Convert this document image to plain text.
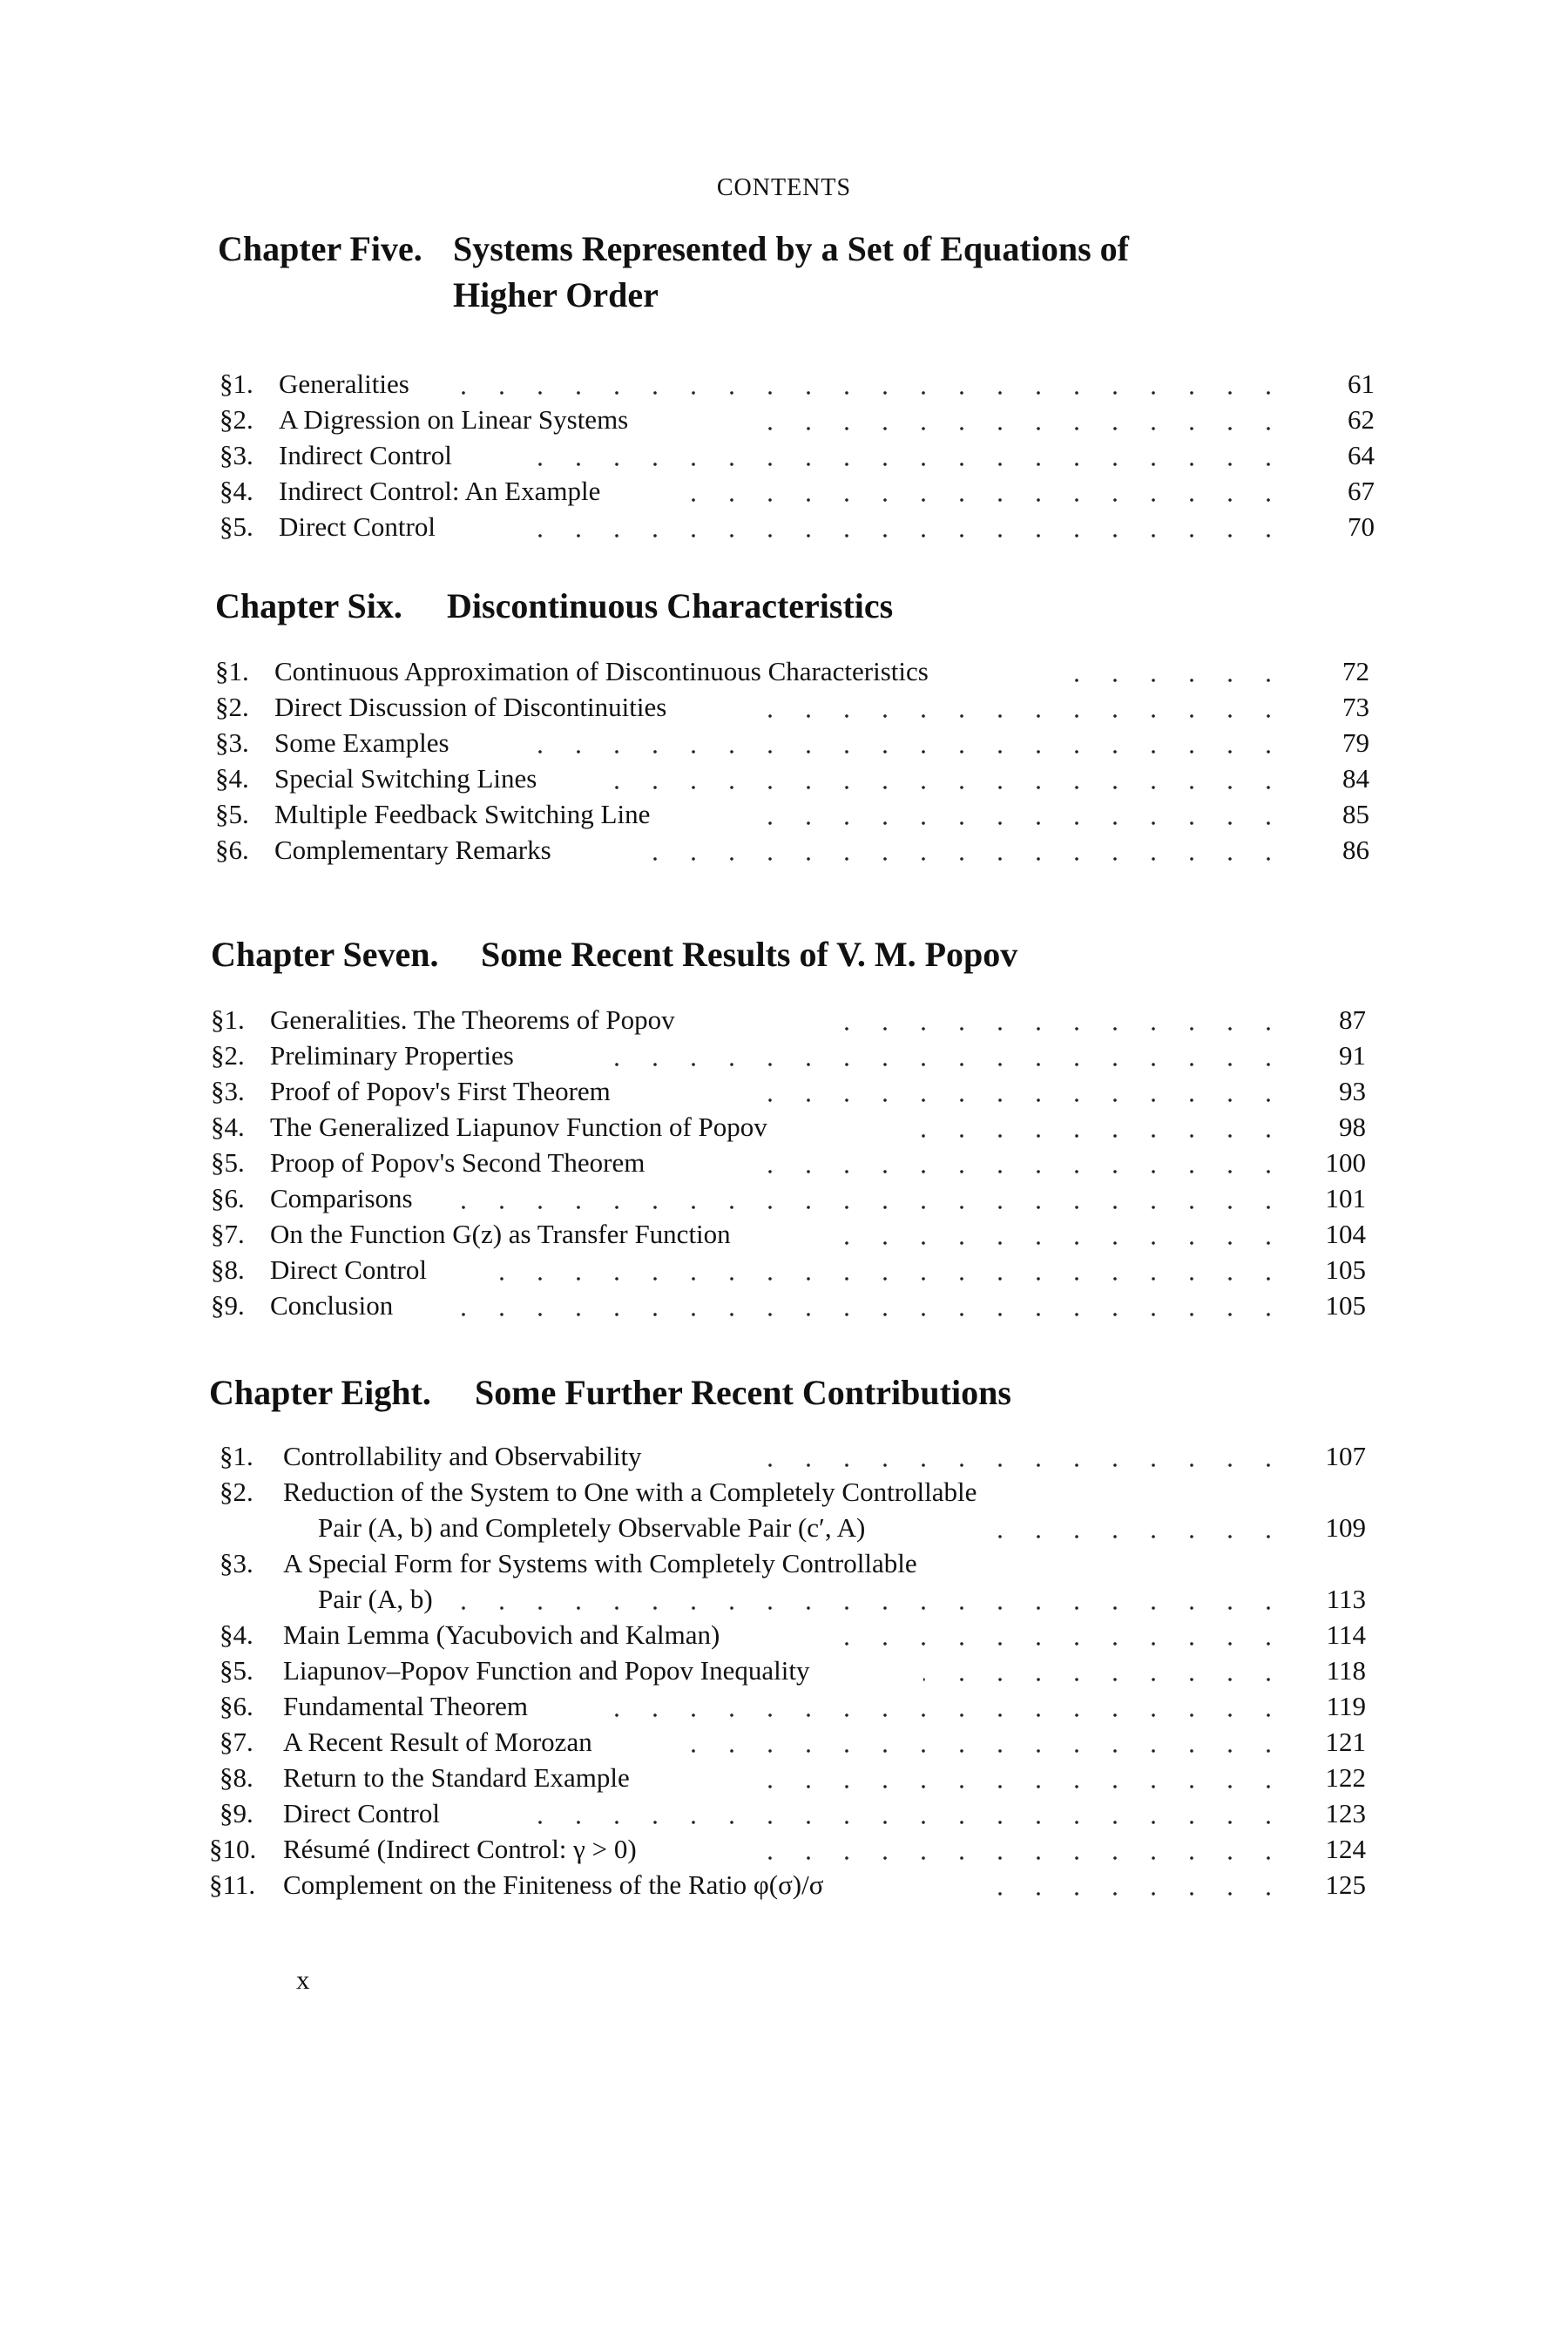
CONTENTS
Chapter Five. Systems Represented by a Set of Equations of
Higher Order
§1. Generalities	61
§2. A Digression on Linear Systems	62
§3. Indirect Control	64
§4. Indirect Control: An Example	67
§5. Direct Control	70
Chapter Six. Discontinuous Characteristics
§1. Continuous Approximation of Discontinuous Characteristics	72
§2. Direct Discussion of Discontinuities	73
§3. Some Examples	79
§4. Special Switching Lines	84
§5. Multiple Feedback Switching Line	85
§6. Complementary Remarks	86
Chapter Seven. Some Recent Results of V. M. Popov
§1. Generalities. The Theorems of Popov	87
§2. Preliminary Properties	91
§3. Proof of Popov's First Theorem	93
§4. The Generalized Liapunov Function of Popov	98
§5. Proop of Popov's Second Theorem	100
§6. Comparisons	101
§7. On the Function G(z) as Transfer Function	104
§8. Direct Control	105
§9. Conclusion	105
Chapter Eight. Some Further Recent Contributions
§1. Controllability and Observability	107
§2. Reduction of the System to One with a Completely Controllable
Pair (A, b) and Completely Observable Pair (c′, A)	109
§3. A Special Form for Systems with Completely Controllable
Pair (A, b)	113
§4. Main Lemma (Yacubovich and Kalman)	114
§5. Liapunov–Popov Function and Popov Inequality	118
§6. Fundamental Theorem	119
§7. A Recent Result of Morozan	121
§8. Return to the Standard Example	122
§9. Direct Control	123
§10. Résumé (Indirect Control: γ > 0)	124
§11. Complement on the Finiteness of the Ratio φ(σ)/σ	125
x
